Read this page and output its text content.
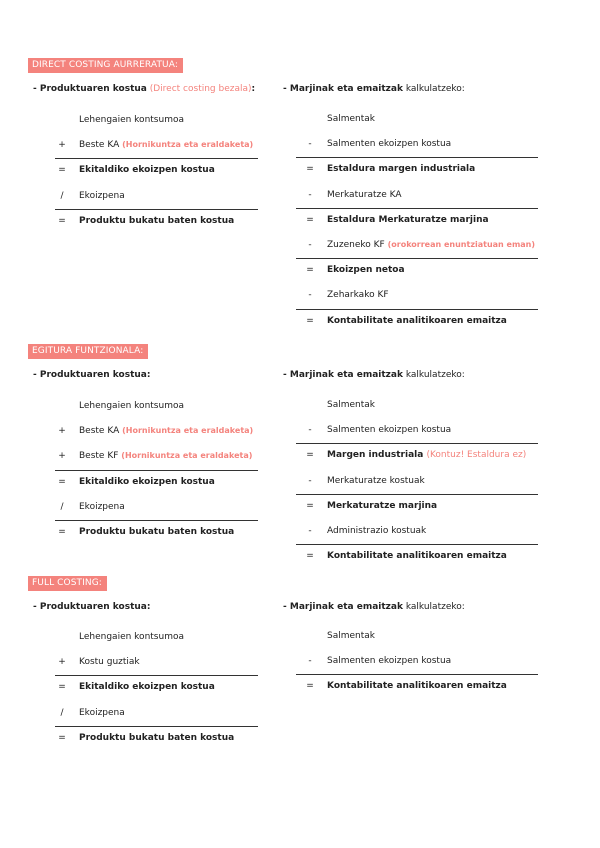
DIRECT COSTING AURRERATUA:
- Produktuaren kostua (Direct costing bezala):	- Marjinak eta emaitzak kalkulatzeko:
Lehengaien kontsumoa
+ Beste KA (Hornikuntza eta eraldaketa)
= Ekitaldiko ekoizpen kostua
/	Ekoizpena
= Produktu bukatu baten kostua
Salmentak
-	Salmenten ekoizpen kostua
= Estaldura margen industriala
-	Merkaturatze KA
= Estaldura Merkaturatze marjina
-	Zuzeneko KF (orokorrean enuntziatuan eman)
= Ekoizpen netoa
-	Zeharkako KF
= Kontabilitate analitikoaren emaitza
EGITURA FUNTZIONALA:
- Produktuaren kostua:	- Marjinak eta emaitzak kalkulatzeko:
Lehengaien kontsumoa
+ Beste KA (Hornikuntza eta eraldaketa)
+ Beste KF (Hornikuntza eta eraldaketa)
= Ekitaldiko ekoizpen kostua
/	Ekoizpena
= Produktu bukatu baten kostua
Salmentak
-	Salmenten ekoizpen kostua
= Margen industriala (Kontuz! Estaldura ez)
-	Merkaturatze kostuak
= Merkaturatze marjina
-	Administrazio kostuak
= Kontabilitate analitikoaren emaitza
FULL COSTING:
- Produktuaren kostua:	- Marjinak eta emaitzak kalkulatzeko:
Lehengaien kontsumoa
+ Kostu guztiak
= Ekitaldiko ekoizpen kostua
/	Ekoizpena
= Produktu bukatu baten kostua
Salmentak
-	Salmenten ekoizpen kostua
= Kontabilitate analitikoaren emaitza
